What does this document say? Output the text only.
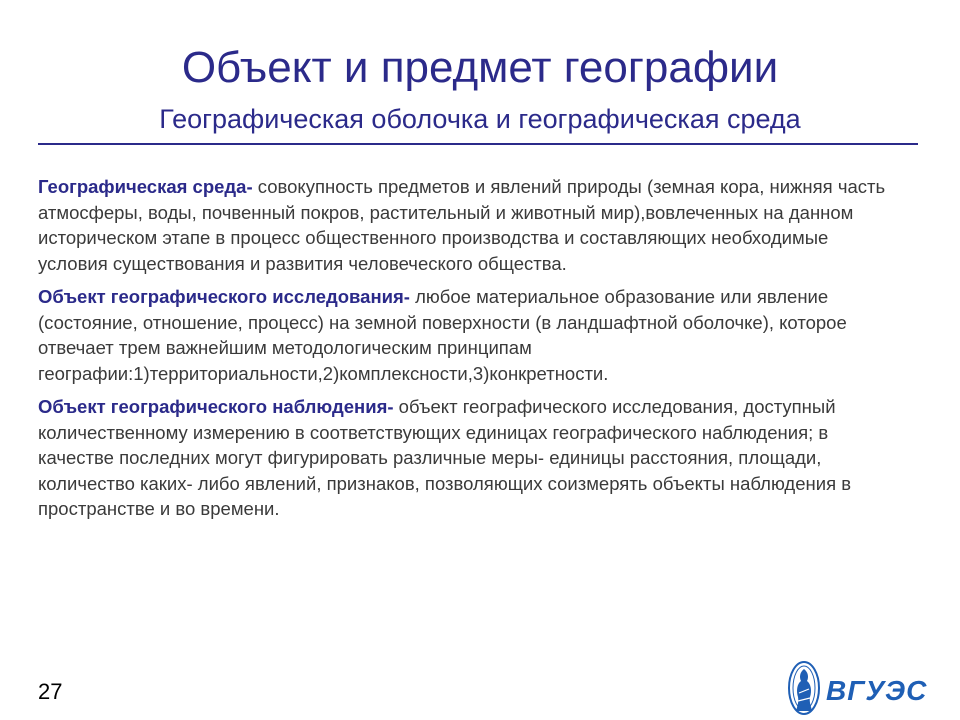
Объект и предмет географии
Географическая оболочка и географическая среда

Географическая среда- совокупность предметов и явлений природы (земная кора, нижняя часть атмосферы, воды, почвенный покров, растительный и животный мир),вовлеченных на данном историческом этапе в процесс общественного производства и составляющих необходимые условия существования и развития человеческого общества.

Объект географического исследования- любое материальное образование или явление (состояние, отношение, процесс) на земной поверхности (в ландшафтной оболочке), которое отвечает трем важнейшим методологическим принципам географии:1)территориальности,2)комплексности,3)конкретности.

Объект географического наблюдения- объект географического исследования, доступный количественному измерению в соответствующих единицах географического наблюдения; в качестве последних могут фигурировать различные меры- единицы расстояния, площади, количество каких- либо явлений, признаков, позволяющих соизмерять объекты наблюдения в пространстве и во времени.

27	ВГУЭС
